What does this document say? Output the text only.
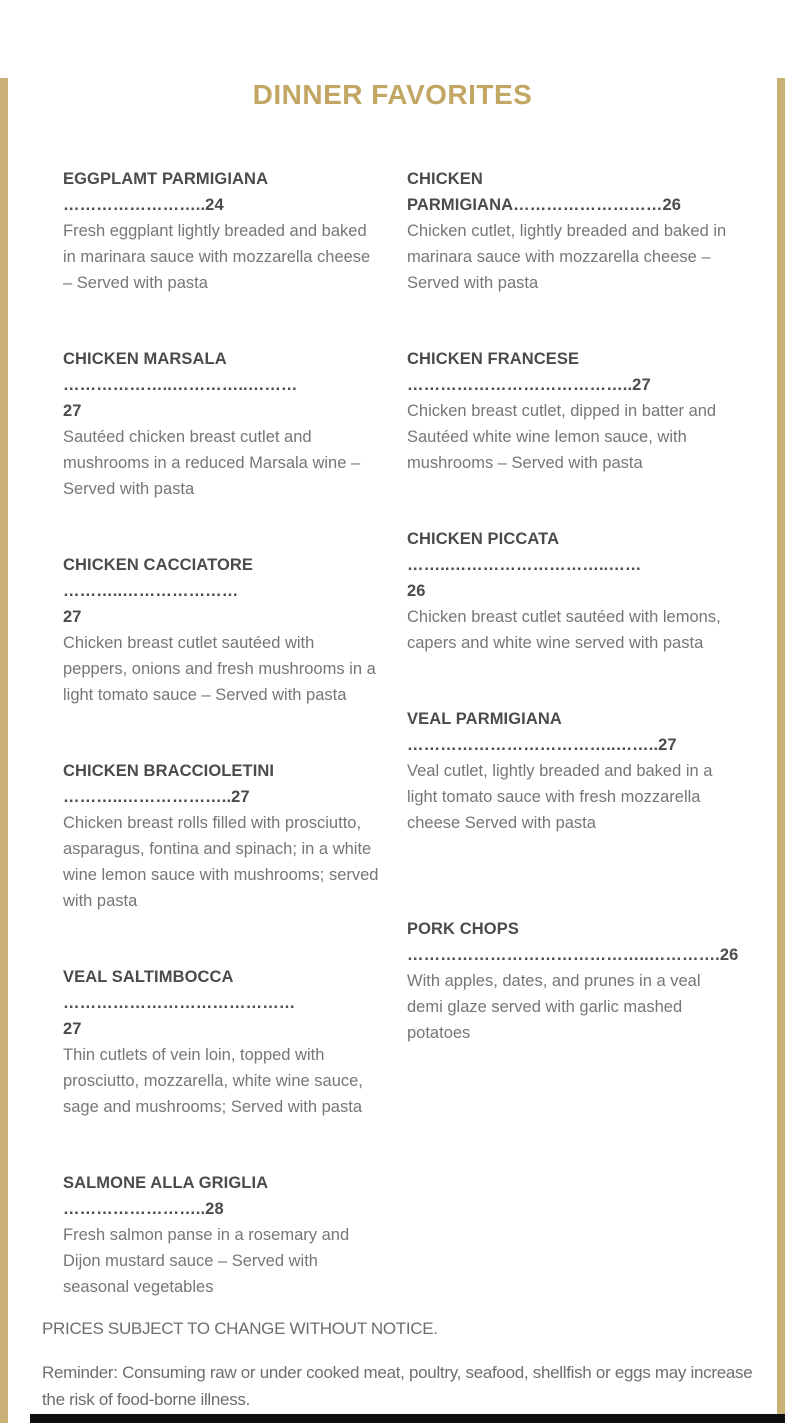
DINNER FAVORITES
EGGPLAMT PARMIGIANA ……………………..24
Fresh eggplant lightly breaded and baked in marinara sauce with mozzarella cheese – Served with pasta
CHICKEN MARSALA ………………..…………..………
27
Sautéed chicken breast cutlet and mushrooms in a reduced Marsala wine – Served with pasta
CHICKEN CACCIATORE ………..…………………
27
Chicken breast cutlet sautéed with peppers, onions and fresh mushrooms in a light tomato sauce – Served with pasta
CHICKEN BRACCIOLETINI
………..………………..27
Chicken breast rolls filled with prosciutto, asparagus, fontina and spinach; in a white wine lemon sauce with mushrooms; served with pasta
VEAL SALTIMBOCCA ……………………………………
27
Thin cutlets of vein loin, topped with prosciutto, mozzarella, white wine sauce, sage and mushrooms; Served with pasta
SALMONE ALLA GRIGLIA ……………………..28
Fresh salmon panse in a rosemary and Dijon mustard sauce – Served with seasonal vegetables
CHICKEN PARMIGIANA………………………26
Chicken cutlet, lightly breaded and baked in marinara sauce with mozzarella cheese – Served with pasta
CHICKEN FRANCESE
…………………………………..27
Chicken breast cutlet, dipped in batter and Sautéed white wine lemon sauce, with mushrooms – Served with pasta
CHICKEN PICCATA ……..………………………..……
26
Chicken breast cutlet sautéed with lemons, capers and white wine served with pasta
VEAL PARMIGIANA
………………………………..……..27
Veal cutlet, lightly breaded and baked in a light tomato sauce with fresh mozzarella cheese Served with pasta
PORK CHOPS
……………………………………..………….26
With apples, dates, and prunes in a veal demi glaze served with garlic mashed potatoes

PRICES SUBJECT TO CHANGE WITHOUT NOTICE.

Reminder: Consuming raw or under cooked meat, poultry, seafood, shellfish or eggs may increase the risk of food-borne illness.
